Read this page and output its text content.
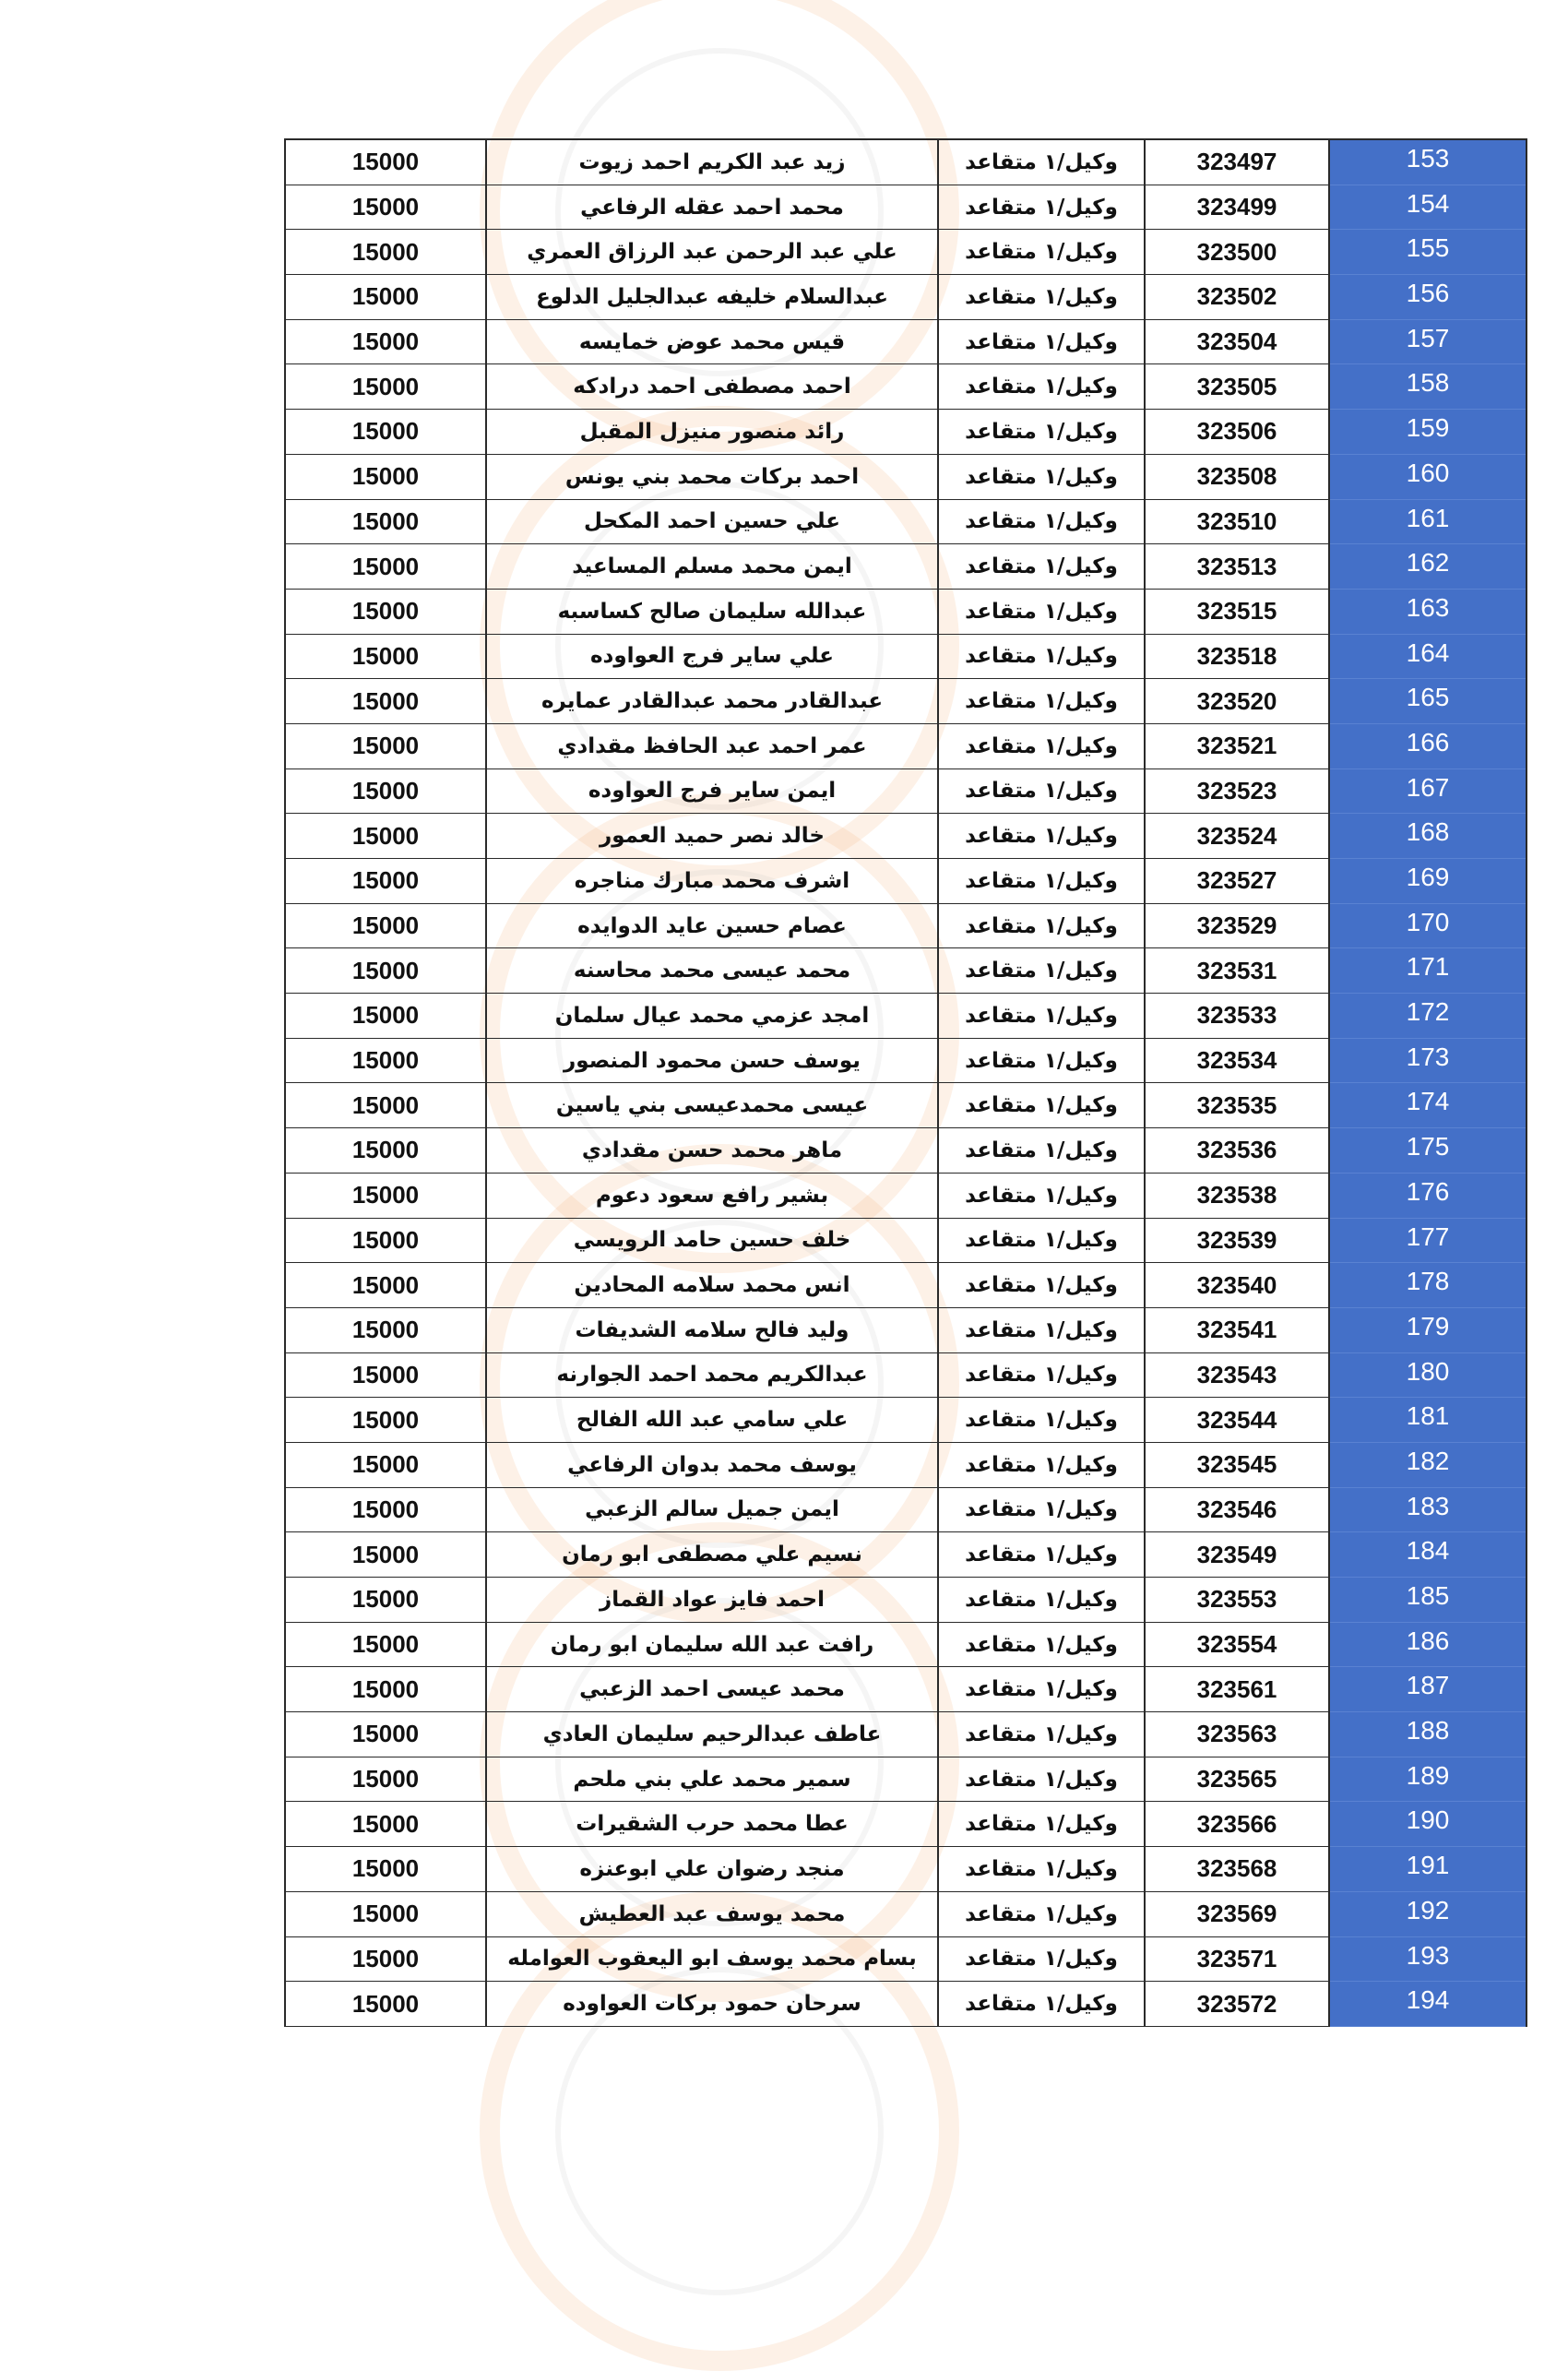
15000	زيد عبد الكريم احمد زيوت	وكيل/١ متقاعد	323497	153
15000	محمد احمد عقله الرفاعي	وكيل/١ متقاعد	323499	154
15000	علي عبد الرحمن عبد الرزاق العمري	وكيل/١ متقاعد	323500	155
15000	عبدالسلام خليفه عبدالجليل الدلوع	وكيل/١ متقاعد	323502	156
15000	قيس محمد عوض خمايسه	وكيل/١ متقاعد	323504	157
15000	احمد مصطفى احمد درادكه	وكيل/١ متقاعد	323505	158
15000	رائد منصور منيزل المقبل	وكيل/١ متقاعد	323506	159
15000	احمد بركات محمد بني يونس	وكيل/١ متقاعد	323508	160
15000	علي حسين احمد المكحل	وكيل/١ متقاعد	323510	161
15000	ايمن محمد مسلم المساعيد	وكيل/١ متقاعد	323513	162
15000	عبدالله سليمان صالح كساسبه	وكيل/١ متقاعد	323515	163
15000	علي ساير فرج العواوده	وكيل/١ متقاعد	323518	164
15000	عبدالقادر محمد عبدالقادر عمايره	وكيل/١ متقاعد	323520	165
15000	عمر احمد عبد الحافظ مقدادي	وكيل/١ متقاعد	323521	166
15000	ايمن ساير فرج العواوده	وكيل/١ متقاعد	323523	167
15000	خالد نصر حميد العمور	وكيل/١ متقاعد	323524	168
15000	اشرف محمد مبارك مناجره	وكيل/١ متقاعد	323527	169
15000	عصام حسين عايد الدوايده	وكيل/١ متقاعد	323529	170
15000	محمد عيسى محمد محاسنه	وكيل/١ متقاعد	323531	171
15000	امجد عزمي محمد عيال سلمان	وكيل/١ متقاعد	323533	172
15000	يوسف حسن محمود المنصور	وكيل/١ متقاعد	323534	173
15000	عيسى محمدعيسى بني ياسين	وكيل/١ متقاعد	323535	174
15000	ماهر محمد حسن مقدادي	وكيل/١ متقاعد	323536	175
15000	بشير رافع سعود دعوم	وكيل/١ متقاعد	323538	176
15000	خلف حسين حامد الرويسي	وكيل/١ متقاعد	323539	177
15000	انس محمد سلامه المحادين	وكيل/١ متقاعد	323540	178
15000	وليد فالح سلامه الشديفات	وكيل/١ متقاعد	323541	179
15000	عبدالكريم محمد احمد الجوارنه	وكيل/١ متقاعد	323543	180
15000	علي سامي عبد الله الفالح	وكيل/١ متقاعد	323544	181
15000	يوسف محمد بدوان الرفاعي	وكيل/١ متقاعد	323545	182
15000	ايمن جميل سالم الزعبي	وكيل/١ متقاعد	323546	183
15000	نسيم علي مصطفى ابو رمان	وكيل/١ متقاعد	323549	184
15000	احمد فايز عواد القماز	وكيل/١ متقاعد	323553	185
15000	رافت عبد الله سليمان ابو رمان	وكيل/١ متقاعد	323554	186
15000	محمد عيسى احمد الزعبي	وكيل/١ متقاعد	323561	187
15000	عاطف عبدالرحيم سليمان العادي	وكيل/١ متقاعد	323563	188
15000	سمير محمد علي بني ملحم	وكيل/١ متقاعد	323565	189
15000	عطا محمد حرب الشقيرات	وكيل/١ متقاعد	323566	190
15000	منجد رضوان علي ابوعنزه	وكيل/١ متقاعد	323568	191
15000	محمد يوسف عبد العطيش	وكيل/١ متقاعد	323569	192
15000	بسام محمد يوسف ابو اليعقوب العوامله	وكيل/١ متقاعد	323571	193
15000	سرحان حمود بركات العواوده	وكيل/١ متقاعد	323572	194
